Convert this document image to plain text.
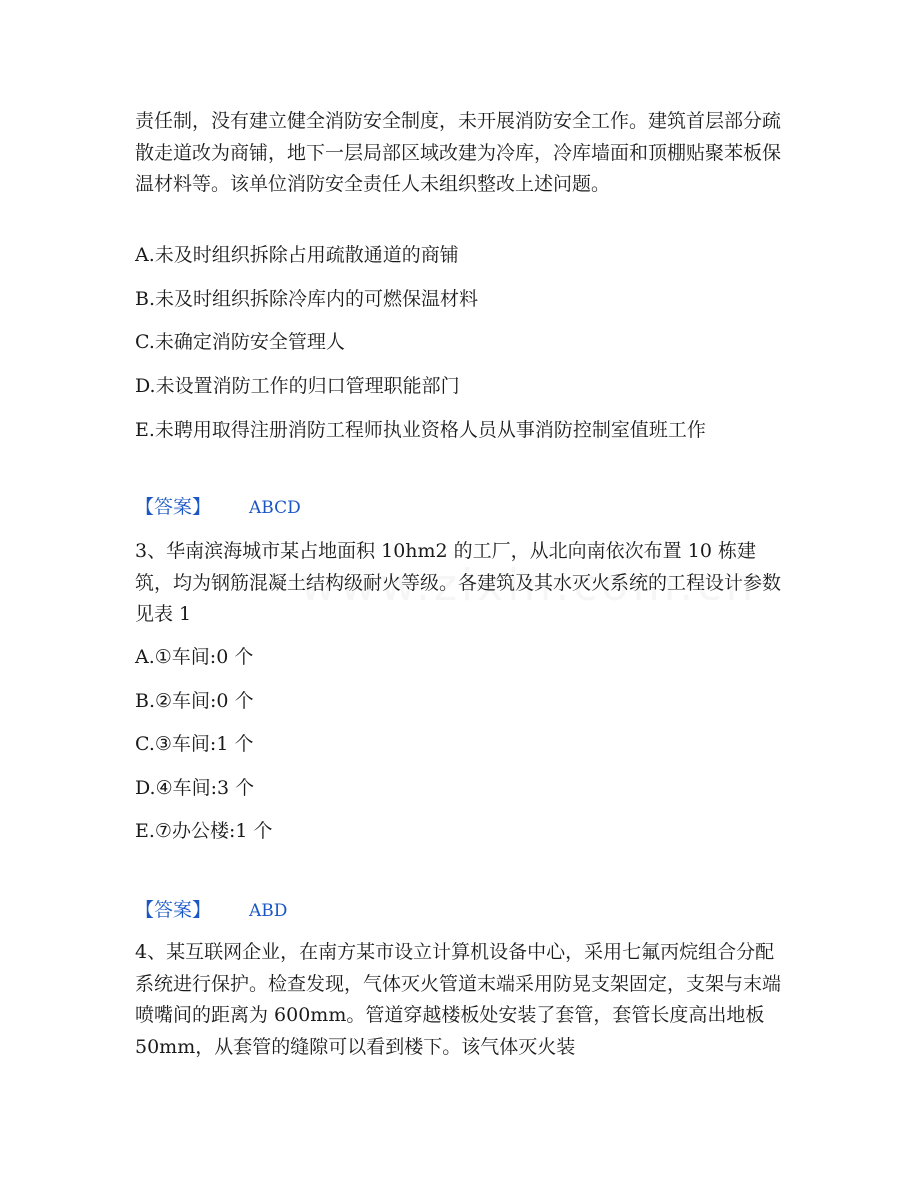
责任制，没有建立健全消防安全制度，未开展消防安全工作。建筑首层部分疏散走道改为商铺，地下一层局部区域改建为冷库，冷库墙面和顶棚贴聚苯板保温材料等。该单位消防安全责任人未组织整改上述问题。

A.未及时组织拆除占用疏散通道的商铺
B.未及时组织拆除冷库内的可燃保温材料
C.未确定消防安全管理人
D.未设置消防工作的归口管理职能部门
E.未聘用取得注册消防工程师执业资格人员从事消防控制室值班工作
【答案】 ABCD

3、华南滨海城市某占地面积 10hm2 的工厂，从北向南依次布置 10 栋建筑，均为钢筋混凝土结构级耐火等级。各建筑及其水灭火系统的工程设计参数见表 1

A.①车间:0 个
B.②车间:0 个
C.③车间:1 个
D.④车间:3 个
E.⑦办公楼:1 个
【答案】 ABD

4、某互联网企业，在南方某市设立计算机设备中心，采用七氟丙烷组合分配系统进行保护。检查发现，气体灭火管道末端采用防晃支架固定，支架与末端喷嘴间的距离为 600mm。管道穿越楼板处安装了套管，套管长度高出地板 50mm，从套管的缝隙可以看到楼下。该气体灭火装
